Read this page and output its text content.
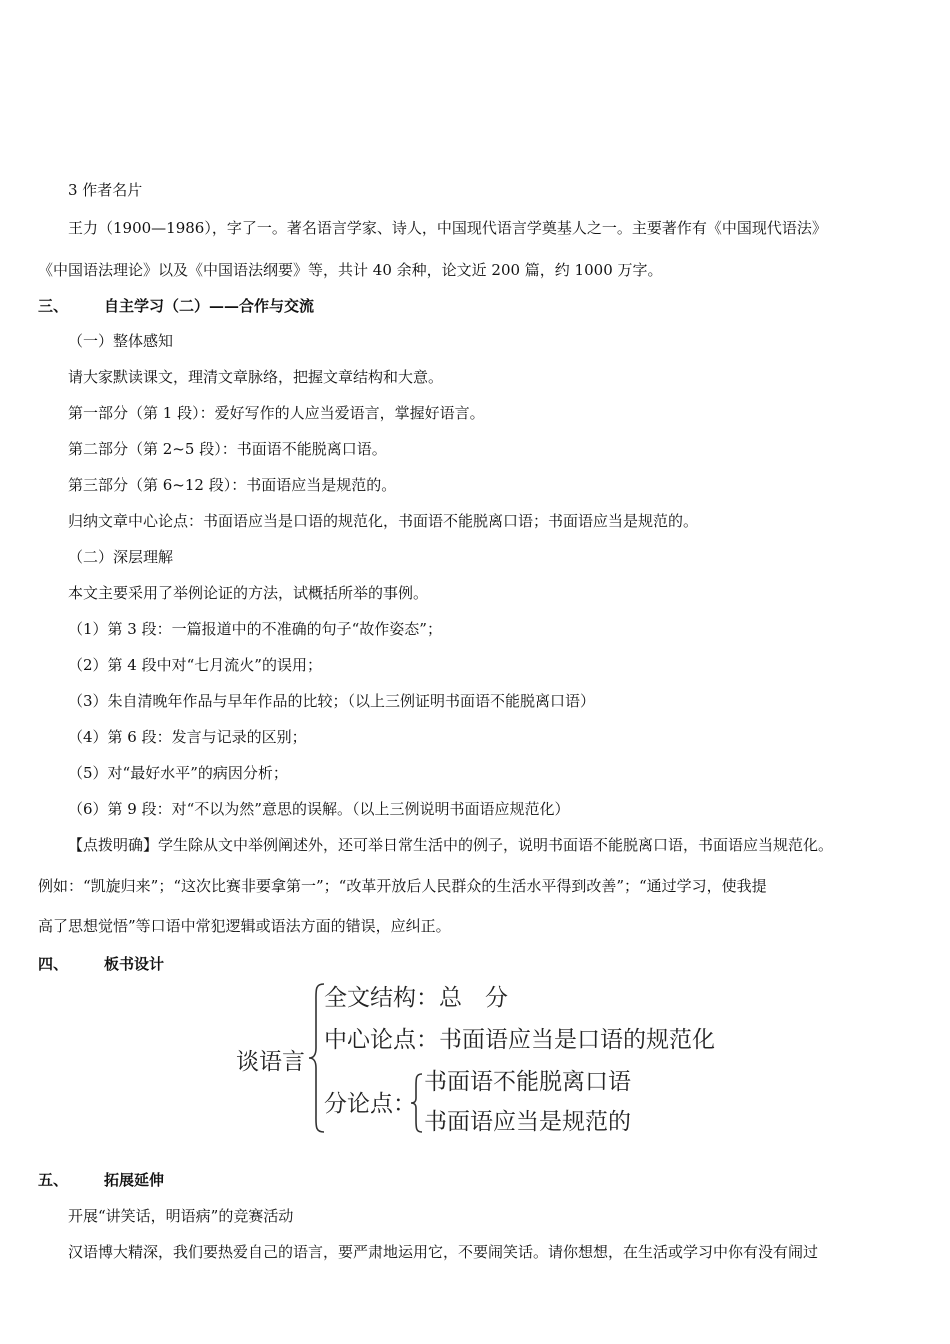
3 作者名片
王力（1900—1986），字了一。著名语言学家、诗人，中国现代语言学奠基人之一。主要著作有《中国现代语法》
《中国语法理论》以及《中国语法纲要》等，共计 40 余种，论文近 200 篇，约 1000 万字。
三、 自主学习（二）——合作与交流
（一）整体感知
请大家默读课文，理清文章脉络，把握文章结构和大意。
第一部分（第 1 段）：爱好写作的人应当爱语言，掌握好语言。
第二部分（第 2~5 段）：书面语不能脱离口语。
第三部分（第 6~12 段）：书面语应当是规范的。
归纳文章中心论点：书面语应当是口语的规范化，书面语不能脱离口语；书面语应当是规范的。
（二）深层理解
本文主要采用了举例论证的方法，试概括所举的事例。
（1）第 3 段：一篇报道中的不准确的句子“故作姿态”；
（2）第 4 段中对“七月流火”的误用；
（3）朱自清晚年作品与早年作品的比较；（以上三例证明书面语不能脱离口语）
（4）第 6 段：发言与记录的区别；
（5）对“最好水平”的病因分析；
（6）第 9 段：对“不以为然”意思的误解。（以上三例说明书面语应规范化）
【点拨明确】学生除从文中举例阐述外，还可举日常生活中的例子，说明书面语不能脱离口语，书面语应当规范化。
例如：“凯旋归来”；“这次比赛非要拿第一”；“改革开放后人民群众的生活水平得到改善”；“通过学习，使我提
高了思想觉悟”等口语中常犯逻辑或语法方面的错误，应纠正。
四、 板书设计
谈语言
全文结构：总　分
中心论点：书面语应当是口语的规范化
分论点：
书面语不能脱离口语
书面语应当是规范的
五、 拓展延伸
开展“讲笑话，明语病”的竞赛活动
汉语博大精深，我们要热爱自己的语言，要严肃地运用它，不要闹笑话。请你想想，在生活或学习中你有没有闹过
